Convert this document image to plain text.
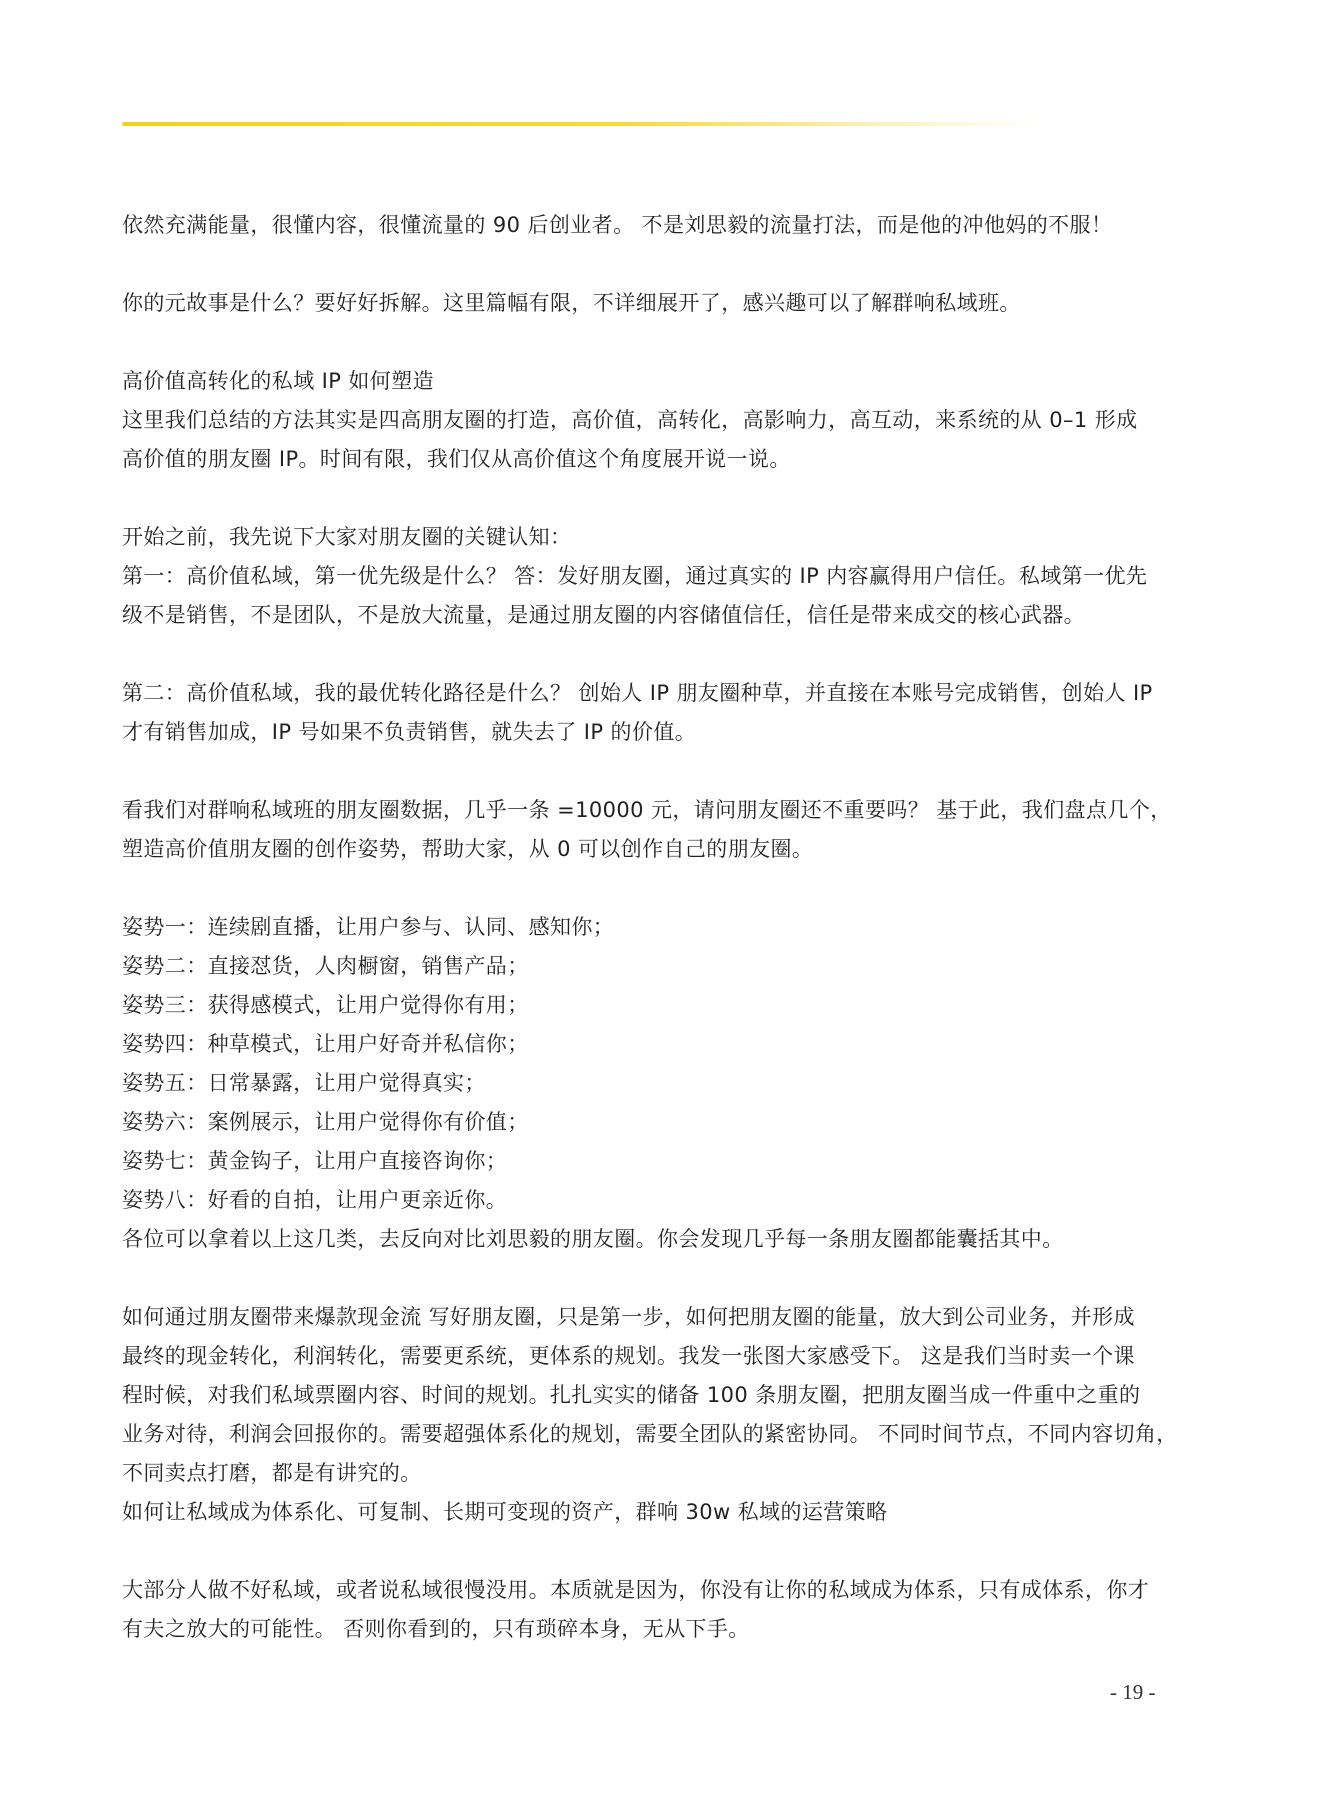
依然充满能量，很懂内容，很懂流量的 90 后创业者。 不是刘思毅的流量打法，而是他的冲他妈的不服！
你的元故事是什么？要好好拆解。这里篇幅有限，不详细展开了，感兴趣可以了解群响私域班。
高价值高转化的私域 IP 如何塑造
这里我们总结的方法其实是四高朋友圈的打造，高价值，高转化，高影响力，高互动，来系统的从 0–1 形成
高价值的朋友圈 IP。时间有限，我们仅从高价值这个角度展开说一说。
开始之前，我先说下大家对朋友圈的关键认知：
第一：高价值私域，第一优先级是什么？ 答：发好朋友圈，通过真实的 IP 内容赢得用户信任。私域第一优先
级不是销售，不是团队，不是放大流量，是通过朋友圈的内容储值信任，信任是带来成交的核心武器。
第二：高价值私域，我的最优转化路径是什么？ 创始人 IP 朋友圈种草，并直接在本账号完成销售，创始人 IP
才有销售加成，IP 号如果不负责销售，就失去了 IP 的价值。
看我们对群响私域班的朋友圈数据，几乎一条 =10000 元，请问朋友圈还不重要吗？ 基于此，我们盘点几个，
塑造高价值朋友圈的创作姿势，帮助大家，从 0 可以创作自己的朋友圈。
姿势一：连续剧直播，让用户参与、认同、感知你；
姿势二：直接怼货，人肉橱窗，销售产品；
姿势三：获得感模式，让用户觉得你有用；
姿势四：种草模式，让用户好奇并私信你；
姿势五：日常暴露，让用户觉得真实；
姿势六：案例展示，让用户觉得你有价值；
姿势七：黄金钩子，让用户直接咨询你；
姿势八：好看的自拍，让用户更亲近你。
各位可以拿着以上这几类，去反向对比刘思毅的朋友圈。你会发现几乎每一条朋友圈都能囊括其中。
如何通过朋友圈带来爆款现金流 写好朋友圈，只是第一步，如何把朋友圈的能量，放大到公司业务，并形成
最终的现金转化，利润转化，需要更系统，更体系的规划。我发一张图大家感受下。 这是我们当时卖一个课
程时候，对我们私域票圈内容、时间的规划。扎扎实实的储备 100 条朋友圈，把朋友圈当成一件重中之重的
业务对待，利润会回报你的。需要超强体系化的规划，需要全团队的紧密协同。 不同时间节点，不同内容切角，
不同卖点打磨，都是有讲究的。
如何让私域成为体系化、可复制、长期可变现的资产，群响 30w 私域的运营策略
大部分人做不好私域，或者说私域很慢没用。本质就是因为，你没有让你的私域成为体系，只有成体系，你才
有夫之放大的可能性。 否则你看到的，只有琐碎本身，无从下手。
- 19 -
